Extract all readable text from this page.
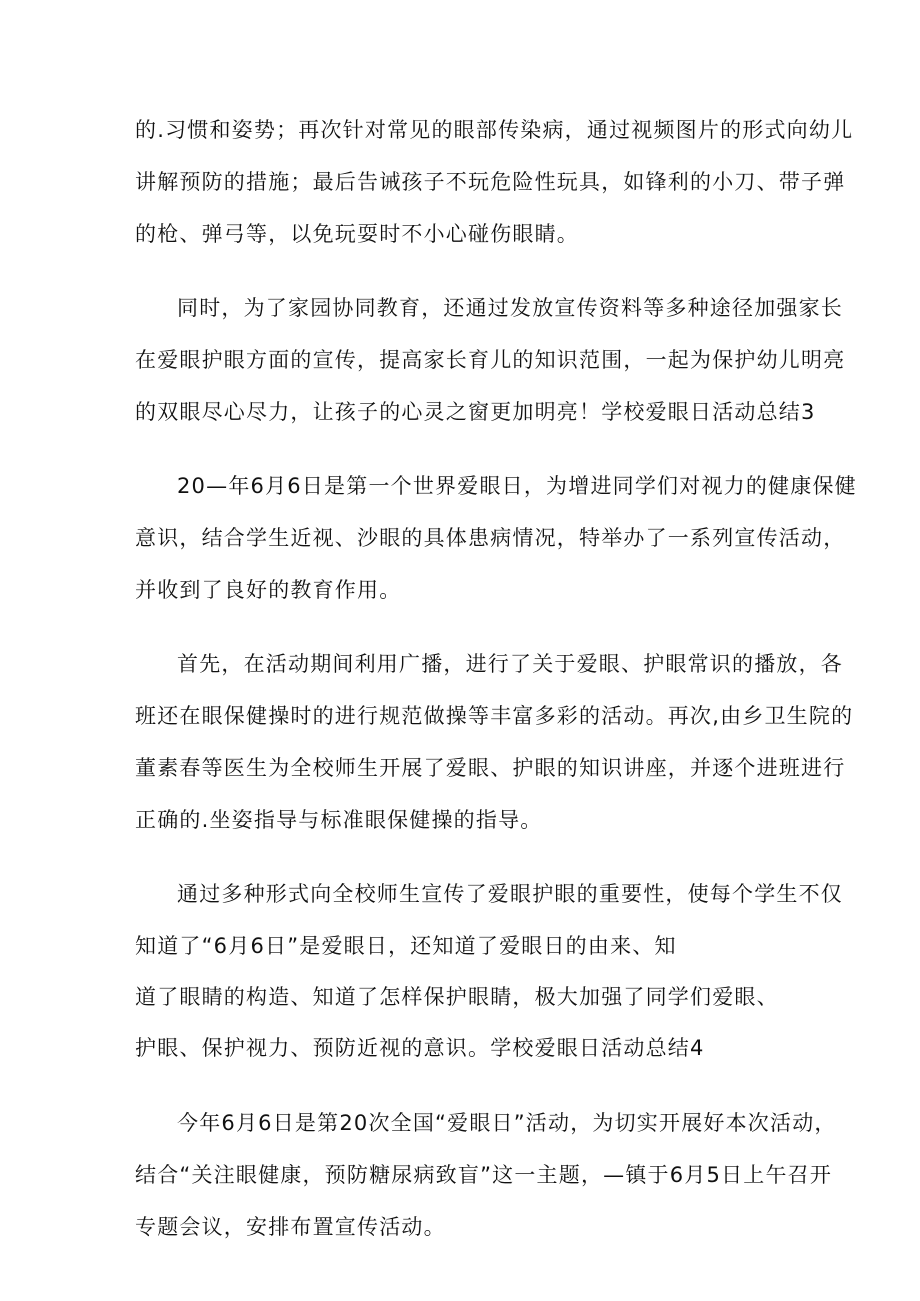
的.习惯和姿势；再次针对常见的眼部传染病，通过视频图片的形式向幼儿
讲解预防的措施；最后告诫孩子不玩危险性玩具，如锋利的小刀、带子弹
的枪、弹弓等，以免玩耍时不小心碰伤眼睛。
同时，为了家园协同教育，还通过发放宣传资料等多种途径加强家长
在爱眼护眼方面的宣传，提高家长育儿的知识范围，一起为保护幼儿明亮
的双眼尽心尽力，让孩子的心灵之窗更加明亮！学校爱眼日活动总结3
20—年6月6日是第一个世界爱眼日，为增进同学们对视力的健康保健
意识，结合学生近视、沙眼的具体患病情况，特举办了一系列宣传活动，
并收到了良好的教育作用。
首先，在活动期间利用广播，进行了关于爱眼、护眼常识的播放，各
班还在眼保健操时的进行规范做操等丰富多彩的活动。再次,由乡卫生院的
董素春等医生为全校师生开展了爱眼、护眼的知识讲座，并逐个进班进行
正确的.坐姿指导与标准眼保健操的指导。
通过多种形式向全校师生宣传了爱眼护眼的重要性，使每个学生不仅
知道了“6月6日”是爱眼日，还知道了爱眼日的由来、知
道了眼睛的构造、知道了怎样保护眼睛，极大加强了同学们爱眼、
护眼、保护视力、预防近视的意识。学校爱眼日活动总结4
今年6月6日是第20次全国“爱眼日”活动，为切实开展好本次活动，
结合“关注眼健康，预防糖尿病致盲”这一主题，—镇于6月5日上午召开
专题会议，安排布置宣传活动。
